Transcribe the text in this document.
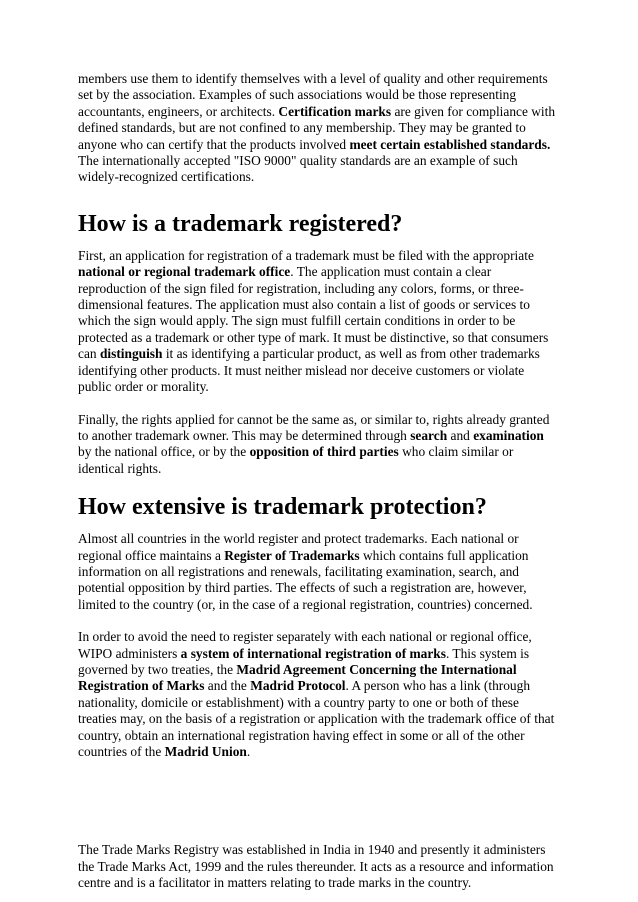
members use them to identify themselves with a level of quality and other requirements set by the association. Examples of such associations would be those representing accountants, engineers, or architects. Certification marks are given for compliance with defined standards, but are not confined to any membership. They may be granted to anyone who can certify that the products involved meet certain established standards. The internationally accepted "ISO 9000" quality standards are an example of such widely-recognized certifications.

How is a trademark registered?

First, an application for registration of a trademark must be filed with the appropriate national or regional trademark office. The application must contain a clear reproduction of the sign filed for registration, including any colors, forms, or three-dimensional features. The application must also contain a list of goods or services to which the sign would apply. The sign must fulfill certain conditions in order to be protected as a trademark or other type of mark. It must be distinctive, so that consumers can distinguish it as identifying a particular product, as well as from other trademarks identifying other products. It must neither mislead nor deceive customers or violate public order or morality.

Finally, the rights applied for cannot be the same as, or similar to, rights already granted to another trademark owner. This may be determined through search and examination by the national office, or by the opposition of third parties who claim similar or identical rights.

How extensive is trademark protection?

Almost all countries in the world register and protect trademarks. Each national or regional office maintains a Register of Trademarks which contains full application information on all registrations and renewals, facilitating examination, search, and potential opposition by third parties. The effects of such a registration are, however, limited to the country (or, in the case of a regional registration, countries) concerned.

In order to avoid the need to register separately with each national or regional office, WIPO administers a system of international registration of marks. This system is governed by two treaties, the Madrid Agreement Concerning the International Registration of Marks and the Madrid Protocol. A person who has a link (through nationality, domicile or establishment) with a country party to one or both of these treaties may, on the basis of a registration or application with the trademark office of that country, obtain an international registration having effect in some or all of the other countries of the Madrid Union.

The Trade Marks Registry was established in India in 1940 and presently it administers the Trade Marks Act, 1999 and the rules thereunder. It acts as a resource and information centre and is a facilitator in matters relating to trade marks in the country.
